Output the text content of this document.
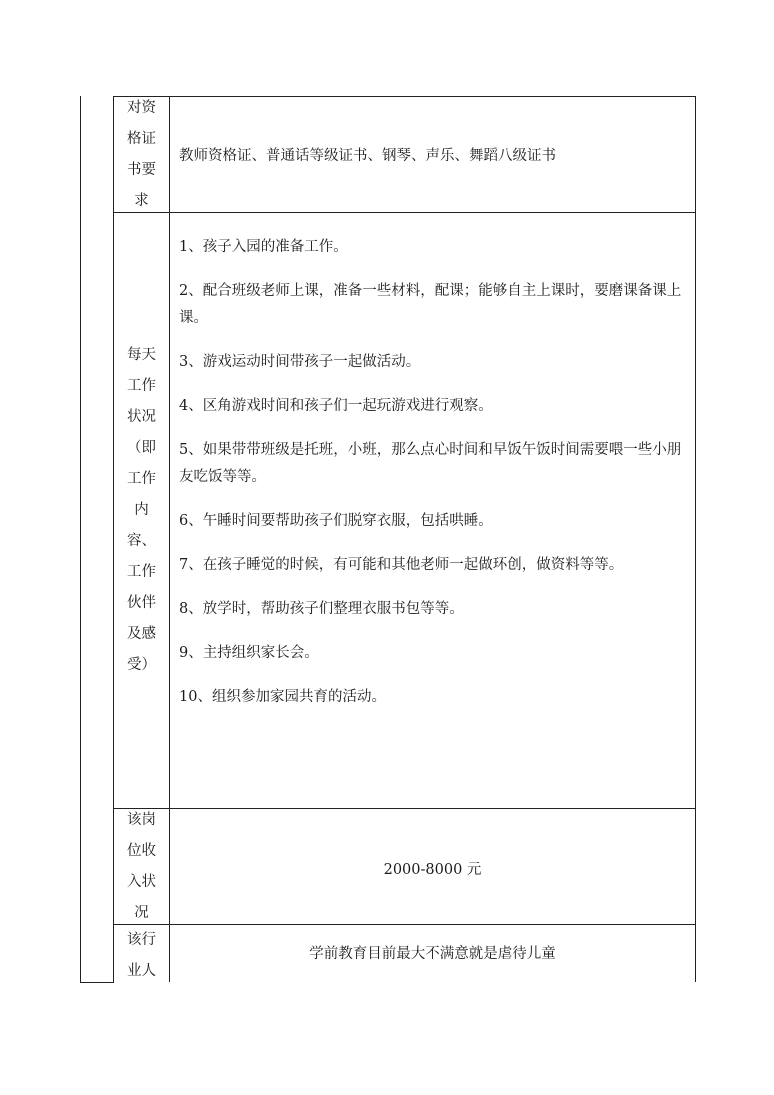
对资格证书要求
教师资格证、普通话等级证书、钢琴、声乐、舞蹈八级证书
每天工作状况（即工作内容、工作伙伴及感受）
1、孩子入园的准备工作。
2、配合班级老师上课，准备一些材料，配课；能够自主上课时，要磨课备课上课。
3、游戏运动时间带孩子一起做活动。
4、区角游戏时间和孩子们一起玩游戏进行观察。
5、如果带带班级是托班，小班，那么点心时间和早饭午饭时间需要喂一些小朋友吃饭等等。
6、午睡时间要帮助孩子们脱穿衣服，包括哄睡。
7、在孩子睡觉的时候，有可能和其他老师一起做环创，做资料等等。
8、放学时，帮助孩子们整理衣服书包等等。
9、主持组织家长会。
10、组织参加家园共育的活动。
该岗位收入状况
2000-8000 元
该行业人
学前教育目前最大不满意就是虐待儿童
